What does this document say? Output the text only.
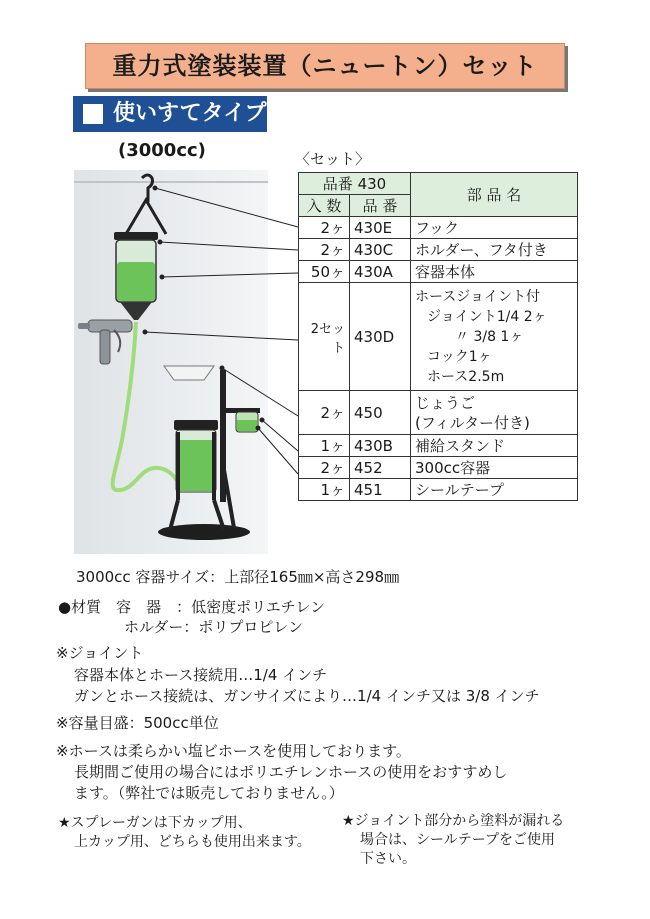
重力式塗装装置（ニュートン）セット
使いすてタイプ
(3000cc)	〈セット〉
品番 430		部 品 名
入 数	品 番	
2ヶ	430E	フック
2ヶ	430C	ホルダー、フタ付き
50ヶ	430A	容器本体
2セット	430D	ホースジョイント付
ジョイント1/4 2ヶ
〃 3/8 1ヶ
コック1ヶ
ホース2.5m

2ヶ	450	じょうご
(フィルター付き)

1ヶ	430B	補給スタンド
2ヶ	452	300cc容器
1ヶ	451	シールテープ
3000cc 容器サイズ：上部径165㎜×高さ298㎜
●材質　容　器　：低密度ポリエチレン
ホルダー：ポリプロピレン
※ジョイント
容器本体とホース接続用…1/4 インチ
ガンとホース接続は、ガンサイズにより…1/4 インチ又は 3/8 インチ
※容量目盛：500cc単位
※ホースは柔らかい塩ビホースを使用しております。
長期間ご使用の場合にはポリエチレンホースの使用をおすすめし
ます。（弊社では販売しておりません。）
★スプレーガンは下カップ用、
上カップ用、どちらも使用出来ます。
★ジョイント部分から塗料が漏れる
場合は、シールテープをご使用
下さい。
